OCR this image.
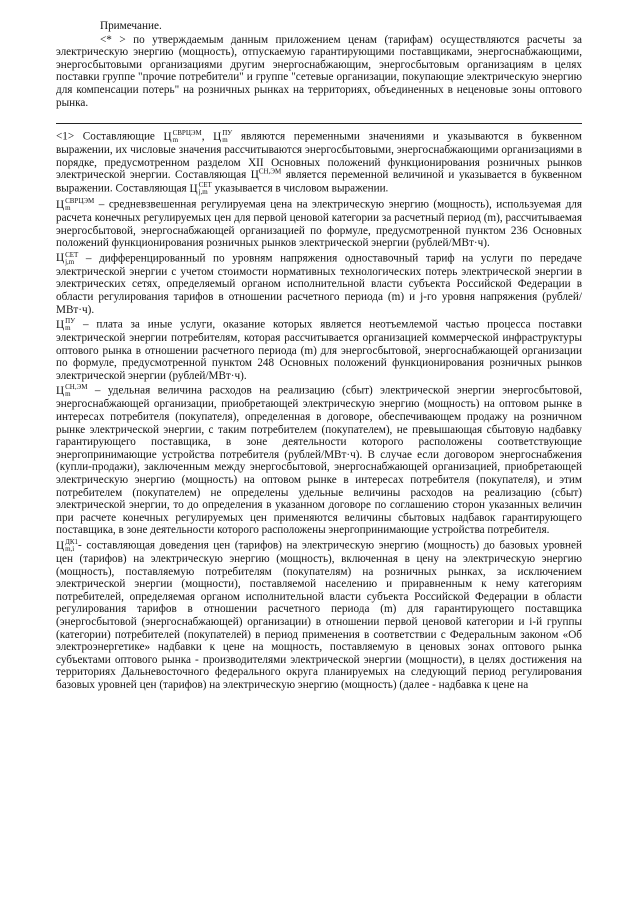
Примечание.

<* > по утверждаемым данным приложением ценам (тарифам) осуществляются расчеты за электрическую энергию (мощность), отпускаемую гарантирующими поставщиками, энергоснабжающими, энергосбытовыми организациями другим энергоснабжающим, энергосбытовым организациям в целях поставки группе "прочие потребители" и группе "сетевые организации, покупающие электрическую энергию для компенсации потерь" на розничных рынках на территориях, объединенных в неценовые зоны оптового рынка.

<1> Составляющие Ц СВРЦЭМ
m	, Ц ПУ
m являются переменными значениями и указываются в буквенном выражении, их числовые значения рассчитываются энергосбытовыми, энергоснабжающими организациями в порядке, предусмотренном разделом XII Основных положений функционирования розничных рынков электрической энергии. Составляющая $Ц^{СН,ЭМ}$ является переменной величиной и указывается в буквенном выражении. Составляющая Ц СЕТ
j,m указывается в числовом выражении.

Ц СВРЦЭМ
m	– средневзвешенная регулируемая цена на электрическую энергию (мощность), используемая для расчета конечных регулируемых цен для первой ценовой категории за расчетный период (m), рассчитываемая энергосбытовой, энергоснабжающей организацией по формуле, предусмотренной пунктом 236 Основных положений функционирования розничных рынков электрической энергии (рублей/МВт·ч).

Ц СЕТ
j,m	– дифференцированный по уровням напряжения одноставочный тариф на услуги по передаче электрической энергии с учетом стоимости нормативных технологических потерь электрической энергии в электрических сетях, определяемый органом исполнительной власти субъекта Российской Федерации в области регулирования тарифов в отношении расчетного периода (m) и j-го уровня напряжения (рублей/МВт·ч).

Ц ПУ
m	– плата за иные услуги, оказание которых является неотъемлемой частью процесса поставки электрической энергии потребителям, которая рассчитывается организацией коммерческой инфраструктуры оптового рынка в отношении расчетного периода (m) для энергосбытовой, энергоснабжающей организации по формуле, предусмотренной пунктом 248 Основных положений функционирования розничных рынков электрической энергии (рублей/МВт·ч).

Ц СН,ЭМ
m	– удельная величина расходов на реализацию (сбыт) электрической энергии энергосбытовой, энергоснабжающей организации, приобретающей электрическую энергию (мощность) на оптовом рынке в интересах потребителя (покупателя), определенная в договоре, обеспечивающем продажу на розничном рынке электрической энергии, с таким потребителем (покупателем), не превышающая сбытовую надбавку гарантирующего поставщика, в зоне деятельности которого расположены соответствующие энергопринимающие устройства потребителя (рублей/МВт·ч). В случае если договором энергоснабжения (купли-продажи), заключенным между энергосбытовой, энергоснабжающей организацией, приобретающей электрическую энергию (мощность) на оптовом рынке в интересах потребителя (покупателя), и этим потребителем (покупателем) не определены удельные величины расходов на реализацию (сбыт) электрической энергии, то до определения в указанном договоре по соглашению сторон указанных величин при расчете конечных регулируемых цен применяются величины сбытовых надбавок гарантирующего поставщика, в зоне деятельности которого расположены энергопринимающие устройства потребителя.

Ц ДК1
m,i - составляющая доведения цен (тарифов) на электрическую энергию (мощность) до базовых уровней цен (тарифов) на электрическую энергию (мощность), включенная в цену на электрическую энергию (мощность), поставляемую потребителям (покупателям) на розничных рынках, за исключением электрической энергии (мощности), поставляемой населению и приравненным к нему категориям потребителей, определяемая органом исполнительной власти субъекта Российской Федерации в области регулирования тарифов в отношении расчетного периода (m) для гарантирующего поставщика (энергосбытовой (энергоснабжающей) организации) в отношении первой ценовой категории и i-й группы (категории) потребителей (покупателей) в период применения в соответствии с Федеральным законом «Об электроэнергетике» надбавки к цене на мощность, поставляемую в ценовых зонах оптового рынка субъектами оптового рынка - производителями электрической энергии (мощности), в целях достижения на территориях Дальневосточного федерального округа планируемых на следующий период регулирования базовых уровней цен (тарифов) на электрическую энергию (мощность) (далее - надбавка к цене на
